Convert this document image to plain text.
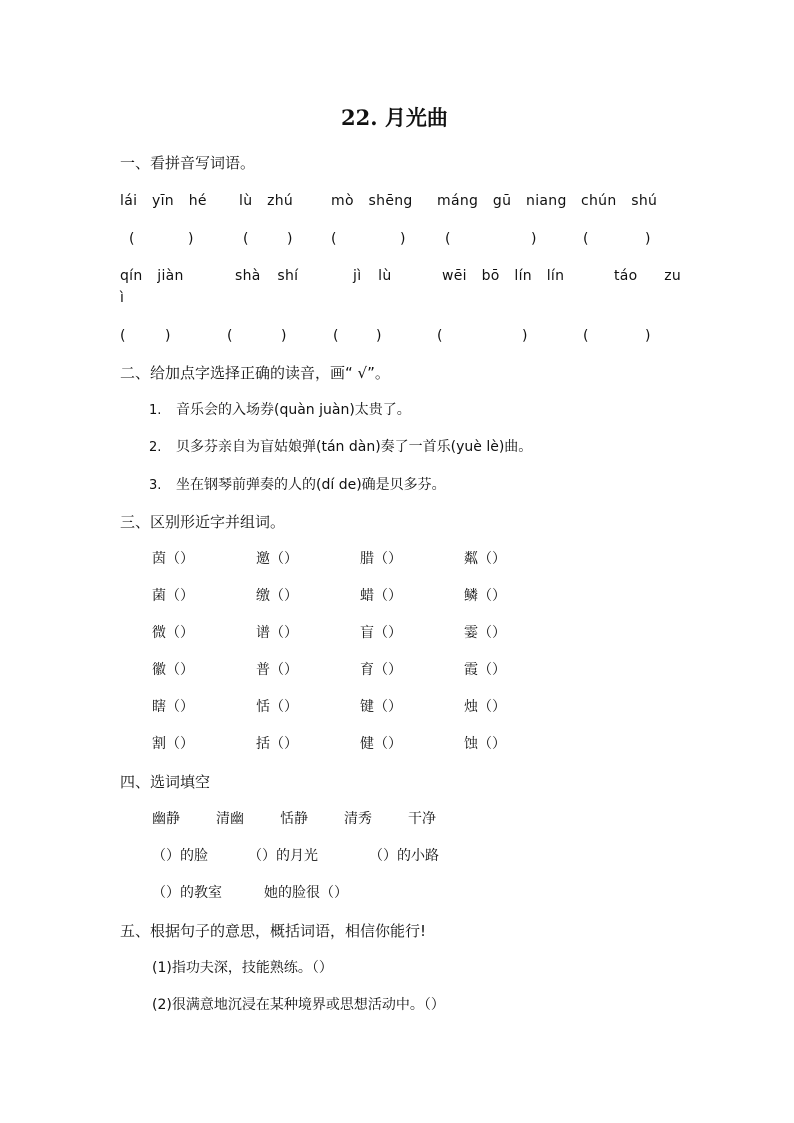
22. 月光曲
一、看拼音写词语。
lái yīn hé lù zhú	mò shēng máng gū niang chún shú
(	)	(	)	(	)	(	)	(	)
qín jiàn	shà shí	jì lù	wēi bō lín lín	táo zu
ì
(	)	(	)	(	)	(	)	(	)
二、给加点字选择正确的读音，画“ √”。
1. 音乐会的入场券(quàn juàn)太贵了。
2. 贝多芬亲自为盲姑娘弹(tán dàn)奏了一首乐(yuè lè)曲。
3. 坐在钢琴前弹奏的人的(dí de)确是贝多芬。
三、区别形近字并组词。
茵（）	邀（）	腊（）	粼（）
菌（）	缴（）	蜡（）	鳞（）
微（）	谱（）	盲（）	霎（）
徽（）	普（）	育（）	霞（）
瞎（）	恬（）	键（）	烛（）
割（）	括（）	健（）	蚀（）
四、选词填空
幽静	清幽	恬静	清秀	干净
（）的脸	（）的月光	（）的小路
（）的教室	她的脸很（）
五、根据句子的意思，概括词语，相信你能行!
(1)指功夫深，技能熟练。（）
(2)很满意地沉浸在某种境界或思想活动中。（）
